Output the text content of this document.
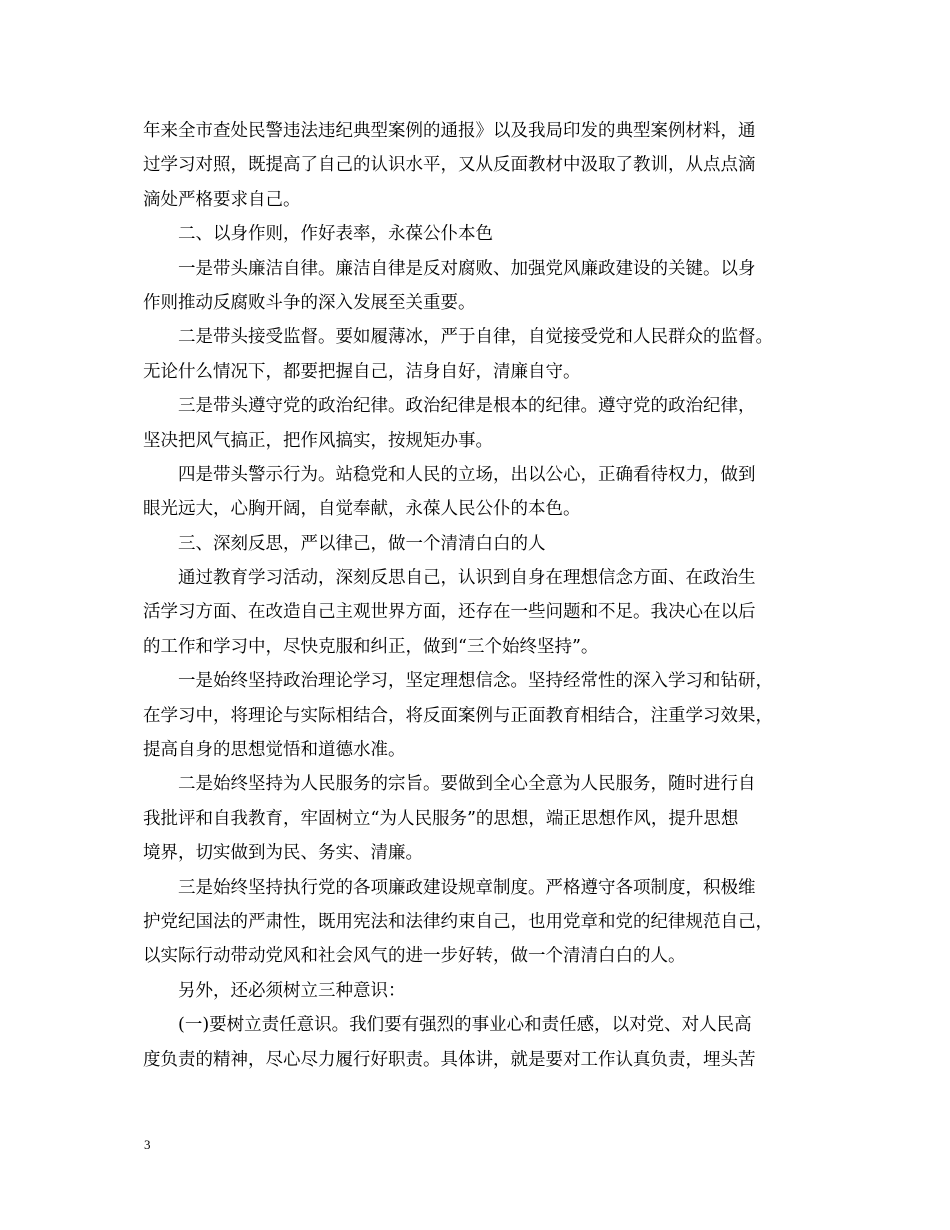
年来全市查处民警违法违纪典型案例的通报》以及我局印发的典型案例材料，通
过学习对照，既提高了自己的认识水平，又从反面教材中汲取了教训，从点点滴
滴处严格要求自己。
二、以身作则，作好表率，永葆公仆本色
一是带头廉洁自律。廉洁自律是反对腐败、加强党风廉政建设的关键。以身
作则推动反腐败斗争的深入发展至关重要。
二是带头接受监督。要如履薄冰，严于自律，自觉接受党和人民群众的监督。
无论什么情况下，都要把握自己，洁身自好，清廉自守。
三是带头遵守党的政治纪律。政治纪律是根本的纪律。遵守党的政治纪律，
坚决把风气搞正，把作风搞实，按规矩办事。
四是带头警示行为。站稳党和人民的立场，出以公心，正确看待权力，做到
眼光远大，心胸开阔，自觉奉献，永葆人民公仆的本色。
三、深刻反思，严以律己，做一个清清白白的人
通过教育学习活动，深刻反思自己，认识到自身在理想信念方面、在政治生
活学习方面、在改造自己主观世界方面，还存在一些问题和不足。我决心在以后
的工作和学习中，尽快克服和纠正，做到“三个始终坚持”。
一是始终坚持政治理论学习，坚定理想信念。坚持经常性的深入学习和钻研，
在学习中，将理论与实际相结合，将反面案例与正面教育相结合，注重学习效果，
提高自身的思想觉悟和道德水准。
二是始终坚持为人民服务的宗旨。要做到全心全意为人民服务，随时进行自
我批评和自我教育，牢固树立“为人民服务”的思想，端正思想作风，提升思想
境界，切实做到为民、务实、清廉。
三是始终坚持执行党的各项廉政建设规章制度。严格遵守各项制度，积极维
护党纪国法的严肃性，既用宪法和法律约束自己，也用党章和党的纪律规范自己，
以实际行动带动党风和社会风气的进一步好转，做一个清清白白的人。
另外，还必须树立三种意识：
(一)要树立责任意识。我们要有强烈的事业心和责任感，以对党、对人民高
度负责的精神，尽心尽力履行好职责。具体讲，就是要对工作认真负责，埋头苦
3
